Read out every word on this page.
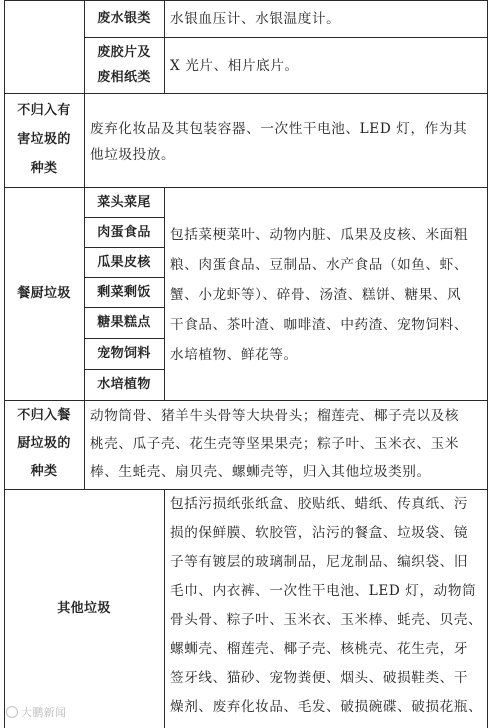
废水银类 水银血压计、水银温度计。
废胶片及
废相纸类
X 光片、相片底片。
不归入有
害垃圾的
种类
废弃化妆品及其包装容器、一次性干电池、LED 灯，作为其
他垃圾投放。
餐厨垃圾
菜头菜尾
肉蛋食品
瓜果皮核
剩菜剩饭
糖果糕点
宠物饲料
水培植物
包括菜梗菜叶、动物内脏、瓜果及皮核、米面粗
粮、肉蛋食品、豆制品、水产食品（如鱼、虾、
蟹、小龙虾等）、碎骨、汤渣、糕饼、糖果、风
干食品、茶叶渣、咖啡渣、中药渣、宠物饲料、
水培植物、鲜花等。
不归入餐
厨垃圾的
种类
动物筒骨、猪羊牛头骨等大块骨头；榴莲壳、椰子壳以及核
桃壳、瓜子壳、花生壳等坚果果壳；粽子叶、玉米衣、玉米
棒、生蚝壳、扇贝壳、螺蛳壳等，归入其他垃圾类别。
其他垃圾
包括污损纸张纸盒、胶贴纸、蜡纸、传真纸、污
损的保鲜膜、软胶管，沾污的餐盒、垃圾袋、镜
子等有镀层的玻璃制品，尼龙制品、编织袋、旧
毛巾、内衣裤、一次性干电池、LED 灯，动物筒
骨头骨、粽子叶、玉米衣、玉米棒、蚝壳、贝壳、
螺蛳壳、榴莲壳、椰子壳、核桃壳、花生壳，牙
签牙线、猫砂、宠物粪便、烟头、破损鞋类、干
燥剂、废弃化妆品、毛发、破损碗碟、破损花瓶、
大鹏新闻
